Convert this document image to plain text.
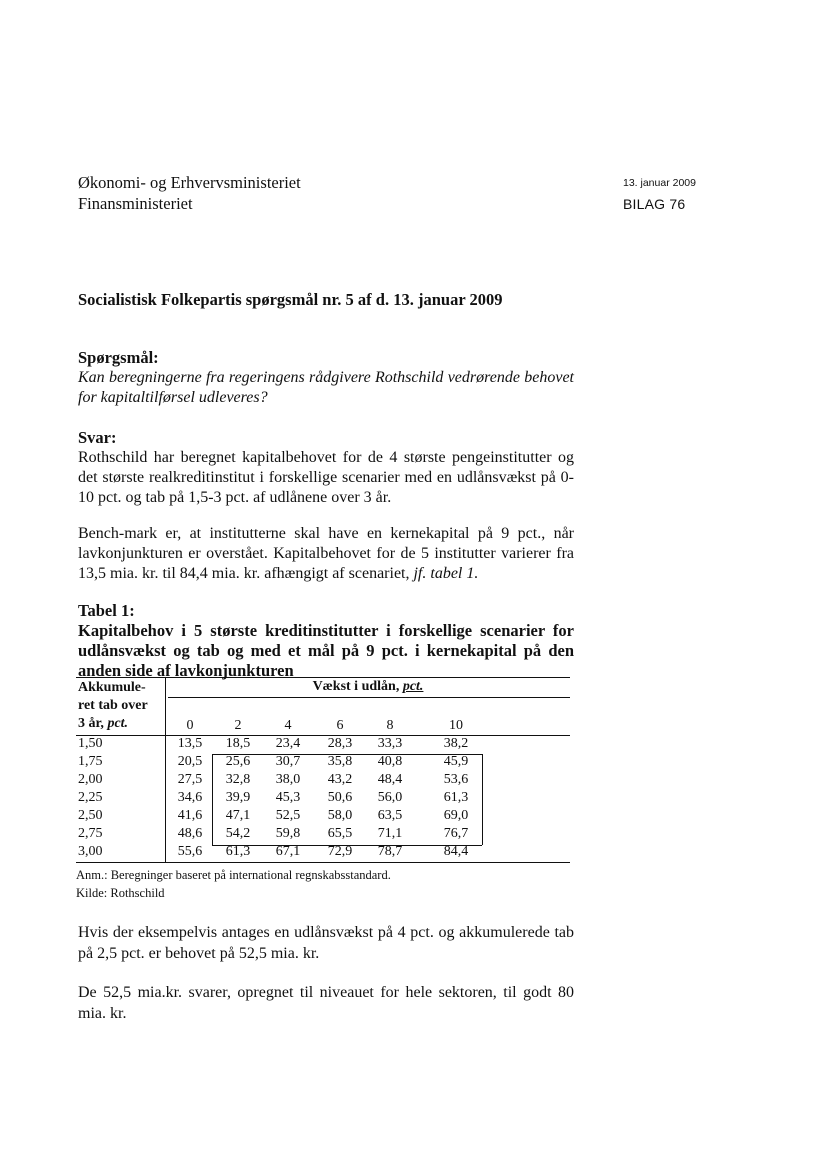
Økonomi- og Erhvervsministeriet
Finansministeriet
13. januar 2009
BILAG 76
Socialistisk Folkepartis spørgsmål nr. 5 af d. 13. januar 2009
Spørgsmål:

Kan beregningerne fra regeringens rådgivere Rothschild vedrørende behovet for kapitaltilførsel udleveres?

Svar:

Rothschild har beregnet kapitalbehovet for de 4 største pengeinstitutter og det største realkreditinstitut i forskellige scenarier med en udlånsvækst på 0-10 pct. og tab på 1,5-3 pct. af udlånene over 3 år.

Bench-mark er, at institutterne skal have en kernekapital på 9 pct., når lavkonjunkturen er overstået. Kapitalbehovet for de 5 institutter varierer fra 13,5 mia. kr. til 84,4 mia. kr. afhængigt af scenariet, jf. tabel 1.

Tabel 1:
Kapitalbehov i 5 største kreditinstitutter i forskellige scenarier for udlånsvækst og tab og med et mål på 9 pct. i kernekapital på den anden side af lavkonjunkturen
Akkumule-
ret tab over
3 år, pct.
Vækst i udlån, pct.
0	2	4	6	8	10
1,50	13,5	18,5	23,4	28,3	33,3	38,2
1,75	20,5	25,6	30,7	35,8	40,8	45,9
2,00	27,5	32,8	38,0	43,2	48,4	53,6
2,25	34,6	39,9	45,3	50,6	56,0	61,3
2,50	41,6	47,1	52,5	58,0	63,5	69,0
2,75	48,6	54,2	59,8	65,5	71,1	76,7
3,00	55,6	61,3	67,1	72,9	78,7	84,4
Anm.: Beregninger baseret på international regnskabsstandard.
Kilde: Rothschild
Hvis der eksempelvis antages en udlånsvækst på 4 pct. og akkumulerede tab på 2,5 pct. er behovet på 52,5 mia. kr.
De 52,5 mia.kr. svarer, opregnet til niveauet for hele sektoren, til godt 80 mia. kr.
